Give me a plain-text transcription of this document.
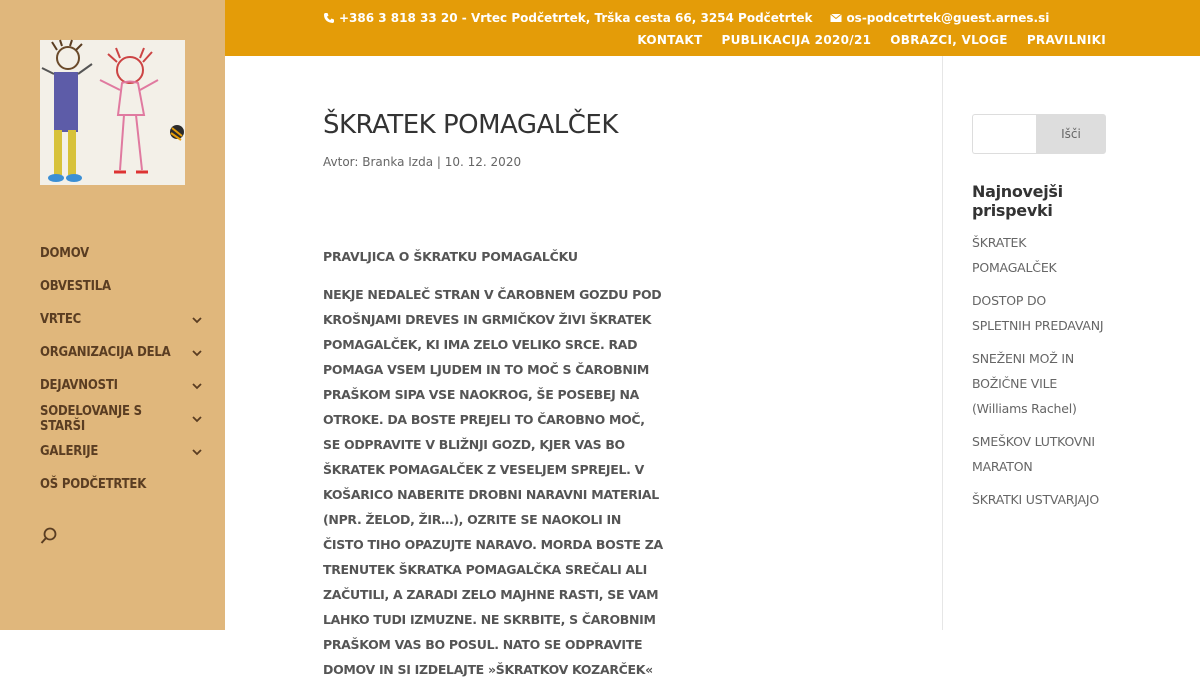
DOMOV
OBVESTILA
VRTEC
ORGANIZACIJA DELA
DEJAVNOSTI
SODELOVANJE S STARŠI
GALERIJE
OŠ PODČETRTEK
+386 3 818 33 20 - Vrtec Podčetrtek, Trška cesta 66, 3254 Podčetrtek	os-podcetrtek@guest.arnes.si
KONTAKT PUBLIKACIJA 2020/21 OBRAZCI, VLOGE PRAVILNIKI
ŠKRATEK POMAGALČEK

Avtor: Branka Izda | 10. 12. 2020

PRAVLJICA O ŠKRATKU POMAGALČKU

NEKJE NEDALEČ STRAN V ČAROBNEM GOZDU POD KROŠNJAMI DREVES IN GRMIČKOV ŽIVI ŠKRATEK POMAGALČEK, KI IMA ZELO VELIKO SRCE. RAD POMAGA VSEM LJUDEM IN TO MOČ S ČAROBNIM PRAŠKOM SIPA VSE NAOKROG, ŠE POSEBEJ NA OTROKE. DA BOSTE PREJELI TO ČAROBNO MOČ, SE ODPRAVITE V BLIŽNJI GOZD, KJER VAS BO ŠKRATEK POMAGALČEK Z VESELJEM SPREJEL. V KOŠARICO NABERITE DROBNI NARAVNI MATERIAL (NPR. ŽELOD, ŽIR…), OZRITE SE NAOKOLI IN ČISTO TIHO OPAZUJTE NARAVO. MORDA BOSTE ZA TRENUTEK ŠKRATKA POMAGALČKA SREČALI ALI ZAČUTILI, A ZARADI ZELO MAJHNE RASTI, SE VAM LAHKO TUDI IZMUZNE. NE SKRBITE, S ČAROBNIM PRAŠKOM VAS BO POSUL. NATO SE ODPRAVITE DOMOV IN SI IZDELAJTE »ŠKRATKOV KOZARČEK«

Išči
Najnovejši prispevki
ŠKRATEK POMAGALČEK
DOSTOP DO SPLETNIH PREDAVANJ
SNEŽENI MOŽ IN BOŽIČNE VILE (Williams Rachel)
SMEŠKOV LUTKOVNI MARATON
ŠKRATKI USTVARJAJO
